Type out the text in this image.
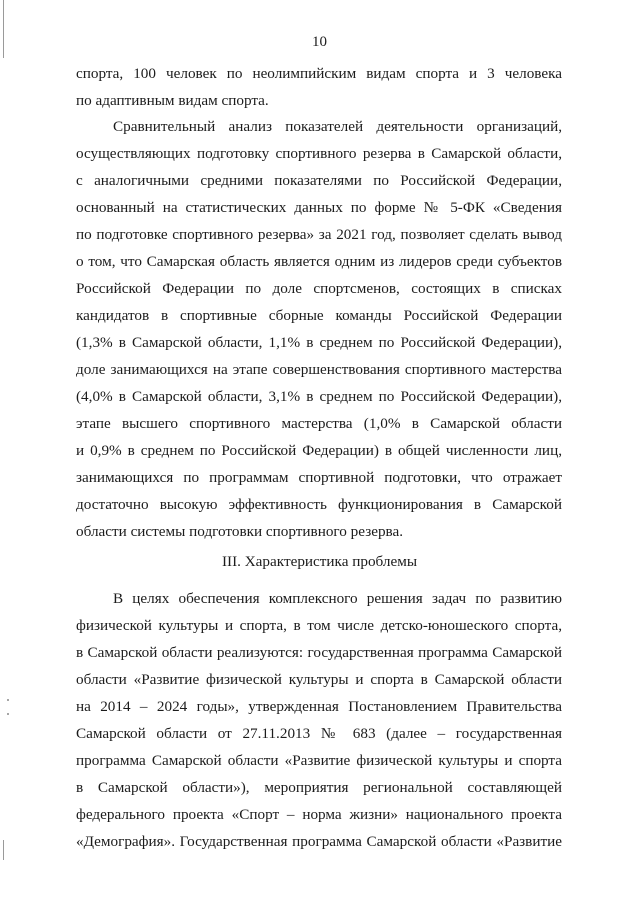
10
спорта, 100 человек по неолимпийским видам спорта и 3 человека
по адаптивным видам спорта.
Сравнительный анализ показателей деятельности организаций,
осуществляющих подготовку спортивного резерва в Самарской области,
с аналогичными средними показателями по Российской Федерации,
основанный на статистических данных по форме № 5-ФК «Сведения
по подготовке спортивного резерва» за 2021 год, позволяет сделать вывод
о том, что Самарская область является одним из лидеров среди субъектов
Российской Федерации по доле спортсменов, состоящих в списках
кандидатов в спортивные сборные команды Российской Федерации
(1,3% в Самарской области, 1,1% в среднем по Российской Федерации),
доле занимающихся на этапе совершенствования спортивного мастерства
(4,0% в Самарской области, 3,1% в среднем по Российской Федерации),
этапе высшего спортивного мастерства (1,0% в Самарской области
и 0,9% в среднем по Российской Федерации) в общей численности лиц,
занимающихся по программам спортивной подготовки, что отражает
достаточно высокую эффективность функционирования в Самарской
области системы подготовки спортивного резерва.
III. Характеристика проблемы
В целях обеспечения комплексного решения задач по развитию
физической культуры и спорта, в том числе детско-юношеского спорта,
в Самарской области реализуются: государственная программа Самарской
области «Развитие физической культуры и спорта в Самарской области
на 2014 – 2024 годы», утвержденная Постановлением Правительства
Самарской области от 27.11.2013 № 683 (далее – государственная
программа Самарской области «Развитие физической культуры и спорта
в Самарской области»), мероприятия региональной составляющей
федерального проекта «Спорт – норма жизни» национального проекта
«Демография». Государственная программа Самарской области «Развитие
